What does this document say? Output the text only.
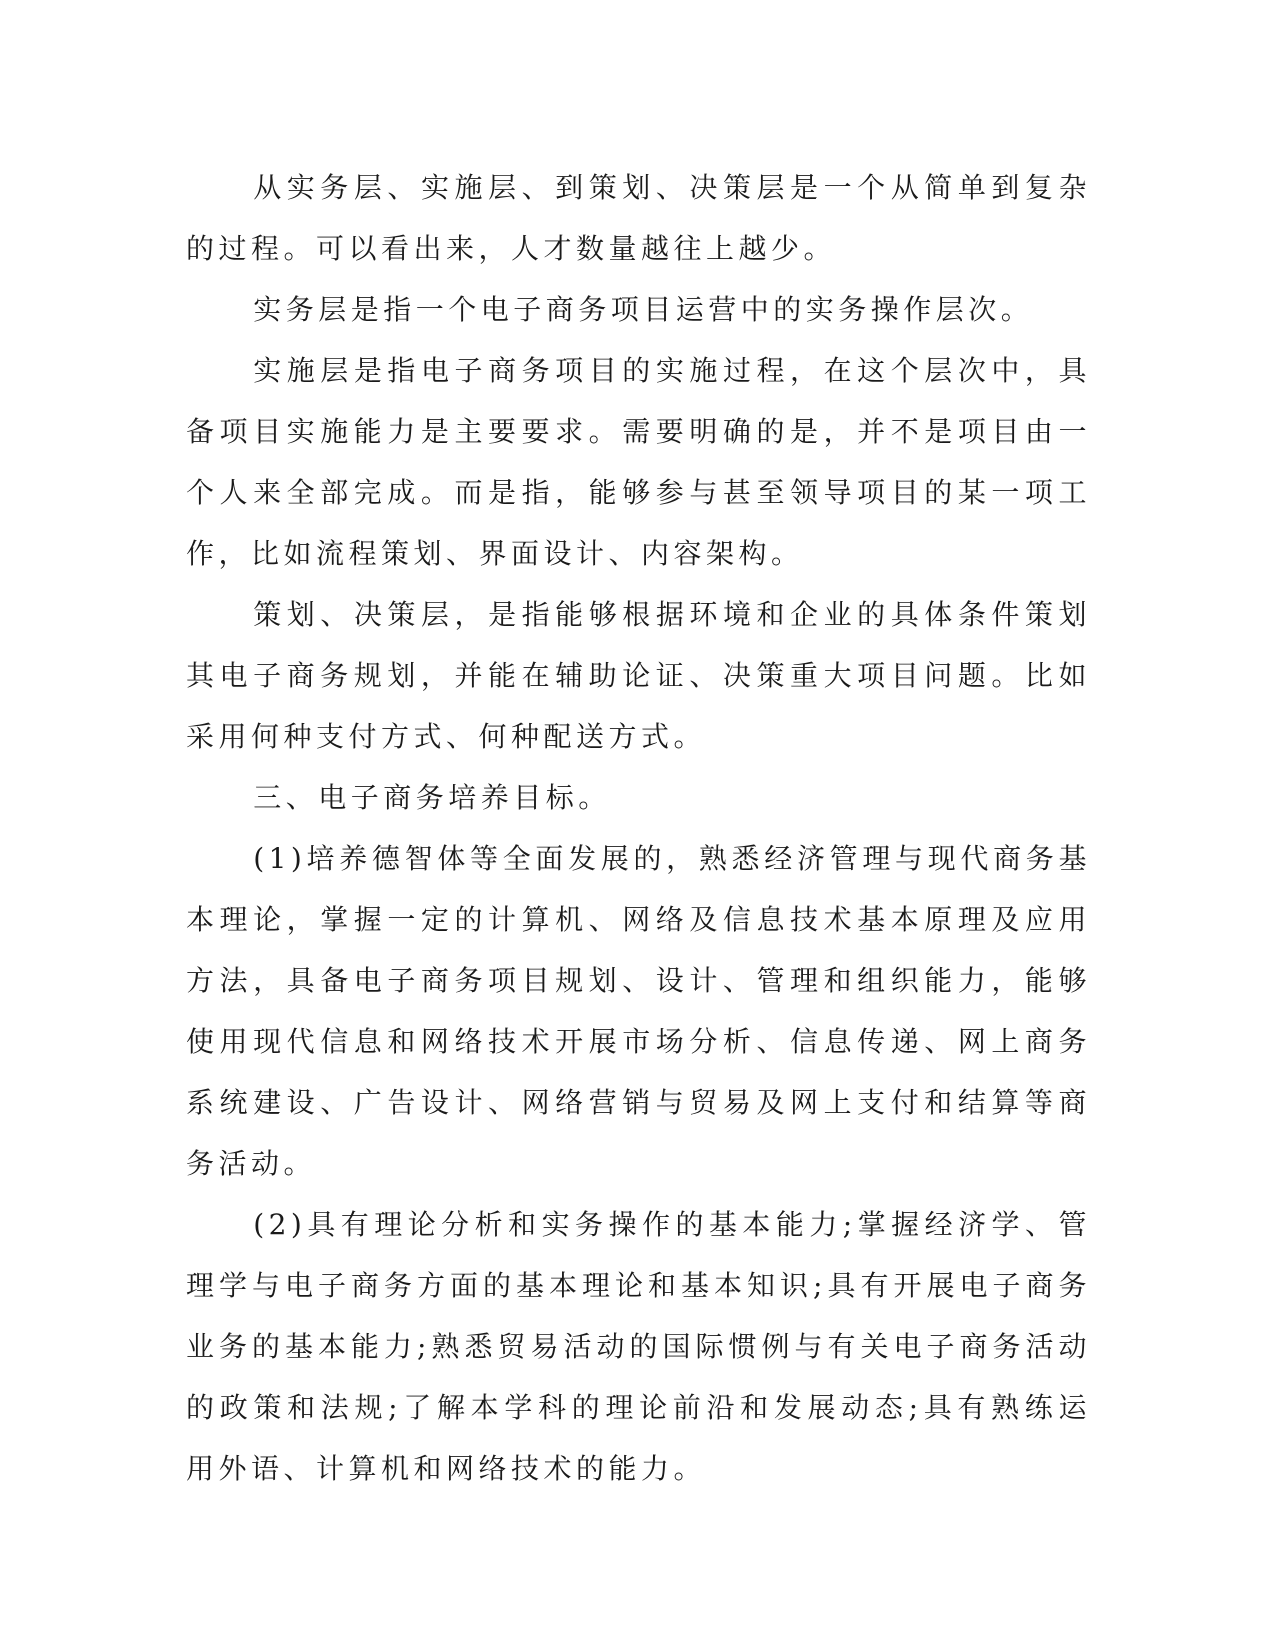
从实务层、实施层、到策划、决策层是一个从简单到复杂的过程。可以看出来，人才数量越往上越少。

实务层是指一个电子商务项目运营中的实务操作层次。

实施层是指电子商务项目的实施过程，在这个层次中，具备项目实施能力是主要要求。需要明确的是，并不是项目由一个人来全部完成。而是指，能够参与甚至领导项目的某一项工作，比如流程策划、界面设计、内容架构。

策划、决策层，是指能够根据环境和企业的具体条件策划其电子商务规划，并能在辅助论证、决策重大项目问题。比如采用何种支付方式、何种配送方式。

三、电子商务培养目标。

(1)培养德智体等全面发展的，熟悉经济管理与现代商务基本理论，掌握一定的计算机、网络及信息技术基本原理及应用方法，具备电子商务项目规划、设计、管理和组织能力，能够使用现代信息和网络技术开展市场分析、信息传递、网上商务系统建设、广告设计、网络营销与贸易及网上支付和结算等商务活动。

(2)具有理论分析和实务操作的基本能力;掌握经济学、管理学与电子商务方面的基本理论和基本知识;具有开展电子商务业务的基本能力;熟悉贸易活动的国际惯例与有关电子商务活动的政策和法规;了解本学科的理论前沿和发展动态;具有熟练运用外语、计算机和网络技术的能力。
